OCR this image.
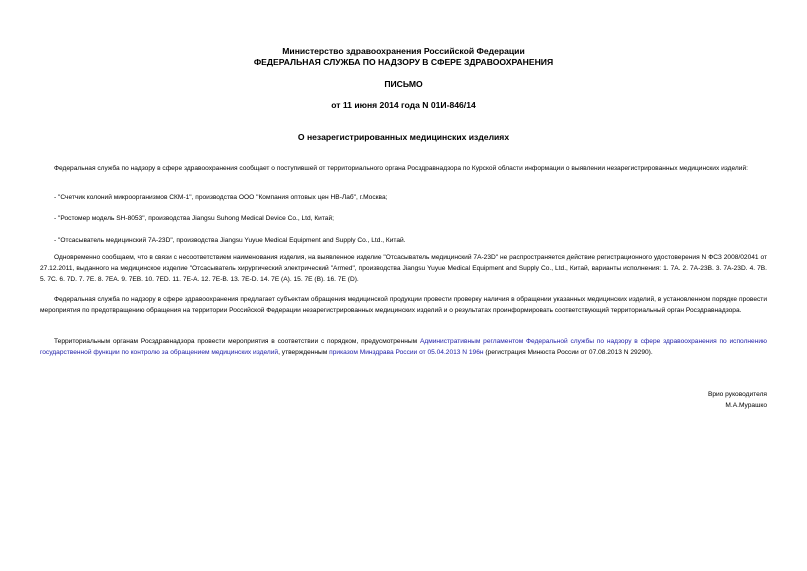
Министерство здравоохранения Российской Федерации
ФЕДЕРАЛЬНАЯ СЛУЖБА ПО НАДЗОРУ В СФЕРЕ ЗДРАВООХРАНЕНИЯ
ПИСЬМО
от 11 июня 2014 года N 01И-846/14
О незарегистрированных медицинских изделиях
Федеральная служба по надзору в сфере здравоохранения сообщает о поступившей от территориального органа Росздравнадзора по Курской области информации о выявлении незарегистрированных медицинских изделий:
- "Счетчик колоний микроорганизмов СКМ-1", производства ООО "Компания оптовых цен НВ-Лаб", г.Москва;
- "Ростомер модель SH-8053", производства Jiangsu Suhong Medical Device Co., Ltd, Китай;
- "Отсасыватель медицинский 7А-23D", производства Jiangsu Yuyue Medical Equipment and Supply Co., Ltd., Китай.
Одновременно сообщаем, что в связи с несоответствием наименования изделия, на выявленное изделие "Отсасыватель медицинский 7А-23D" не распространяется действие регистрационного удостоверения N ФСЗ 2008/02041 от 27.12.2011, выданного на медицинское изделие "Отсасыватель хирургический электрический "Armed", производства Jiangsu Yuyue Medical Equipment and Supply Co., Ltd., Китай, варианты исполнения: 1. 7А. 2. 7А-23В. 3. 7А-23D. 4. 7В. 5. 7С. 6. 7D. 7. 7Е. 8. 7ЕА. 9. 7ЕВ. 10. 7ЕD. 11. 7Е-А. 12. 7Е-В. 13. 7Е-D. 14. 7Е (А). 15. 7Е (В). 16. 7Е (D).
Федеральная служба по надзору в сфере здравоохранения предлагает субъектам обращения медицинской продукции провести проверку наличия в обращении указанных медицинских изделий, в установленном порядке провести мероприятия по предотвращению обращения на территории Российской Федерации незарегистрированных медицинских изделий и о результатах проинформировать соответствующий территориальный орган Росздравнадзора.
Территориальным органам Росздравнадзора провести мероприятия в соответствии с порядком, предусмотренным Административным регламентом Федеральной службы по надзору в сфере здравоохранения по исполнению государственной функции по контролю за обращением медицинских изделий, утвержденным приказом Минздрава России от 05.04.2013 N 196н (регистрация Минюста России от 07.08.2013 N 29290).
Врио руководителя
М.А.Мурашко
